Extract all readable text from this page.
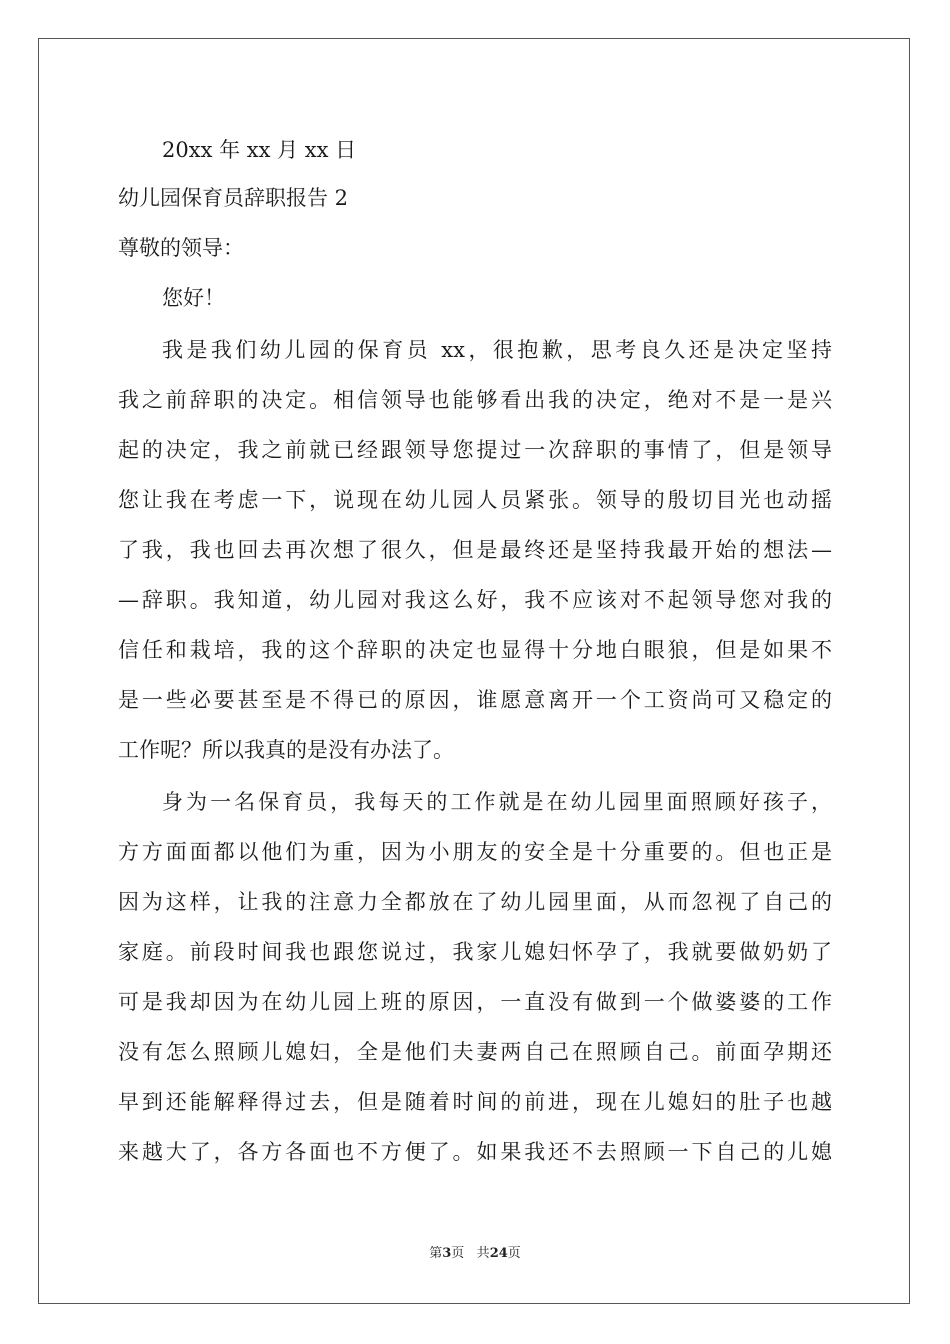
20xx 年 xx 月 xx 日
幼儿园保育员辞职报告 2
尊敬的领导：
您好！
我是我们幼儿园的保育员 xx，很抱歉，思考良久还是决定坚持
我之前辞职的决定。相信领导也能够看出我的决定，绝对不是一是兴
起的决定，我之前就已经跟领导您提过一次辞职的事情了，但是领导
您让我在考虑一下，说现在幼儿园人员紧张。领导的殷切目光也动摇
了我，我也回去再次想了很久，但是最终还是坚持我最开始的想法—
—辞职。我知道，幼儿园对我这么好，我不应该对不起领导您对我的
信任和栽培，我的这个辞职的决定也显得十分地白眼狼，但是如果不
是一些必要甚至是不得已的原因，谁愿意离开一个工资尚可又稳定的
工作呢？所以我真的是没有办法了。
身为一名保育员，我每天的工作就是在幼儿园里面照顾好孩子，
方方面面都以他们为重，因为小朋友的安全是十分重要的。但也正是
因为这样，让我的注意力全都放在了幼儿园里面，从而忽视了自己的
家庭。前段时间我也跟您说过，我家儿媳妇怀孕了，我就要做奶奶了
可是我却因为在幼儿园上班的原因，一直没有做到一个做婆婆的工作
没有怎么照顾儿媳妇，全是他们夫妻两自己在照顾自己。前面孕期还
早到还能解释得过去，但是随着时间的前进，现在儿媳妇的肚子也越
来越大了，各方各面也不方便了。如果我还不去照顾一下自己的儿媳
第3页 共24页
